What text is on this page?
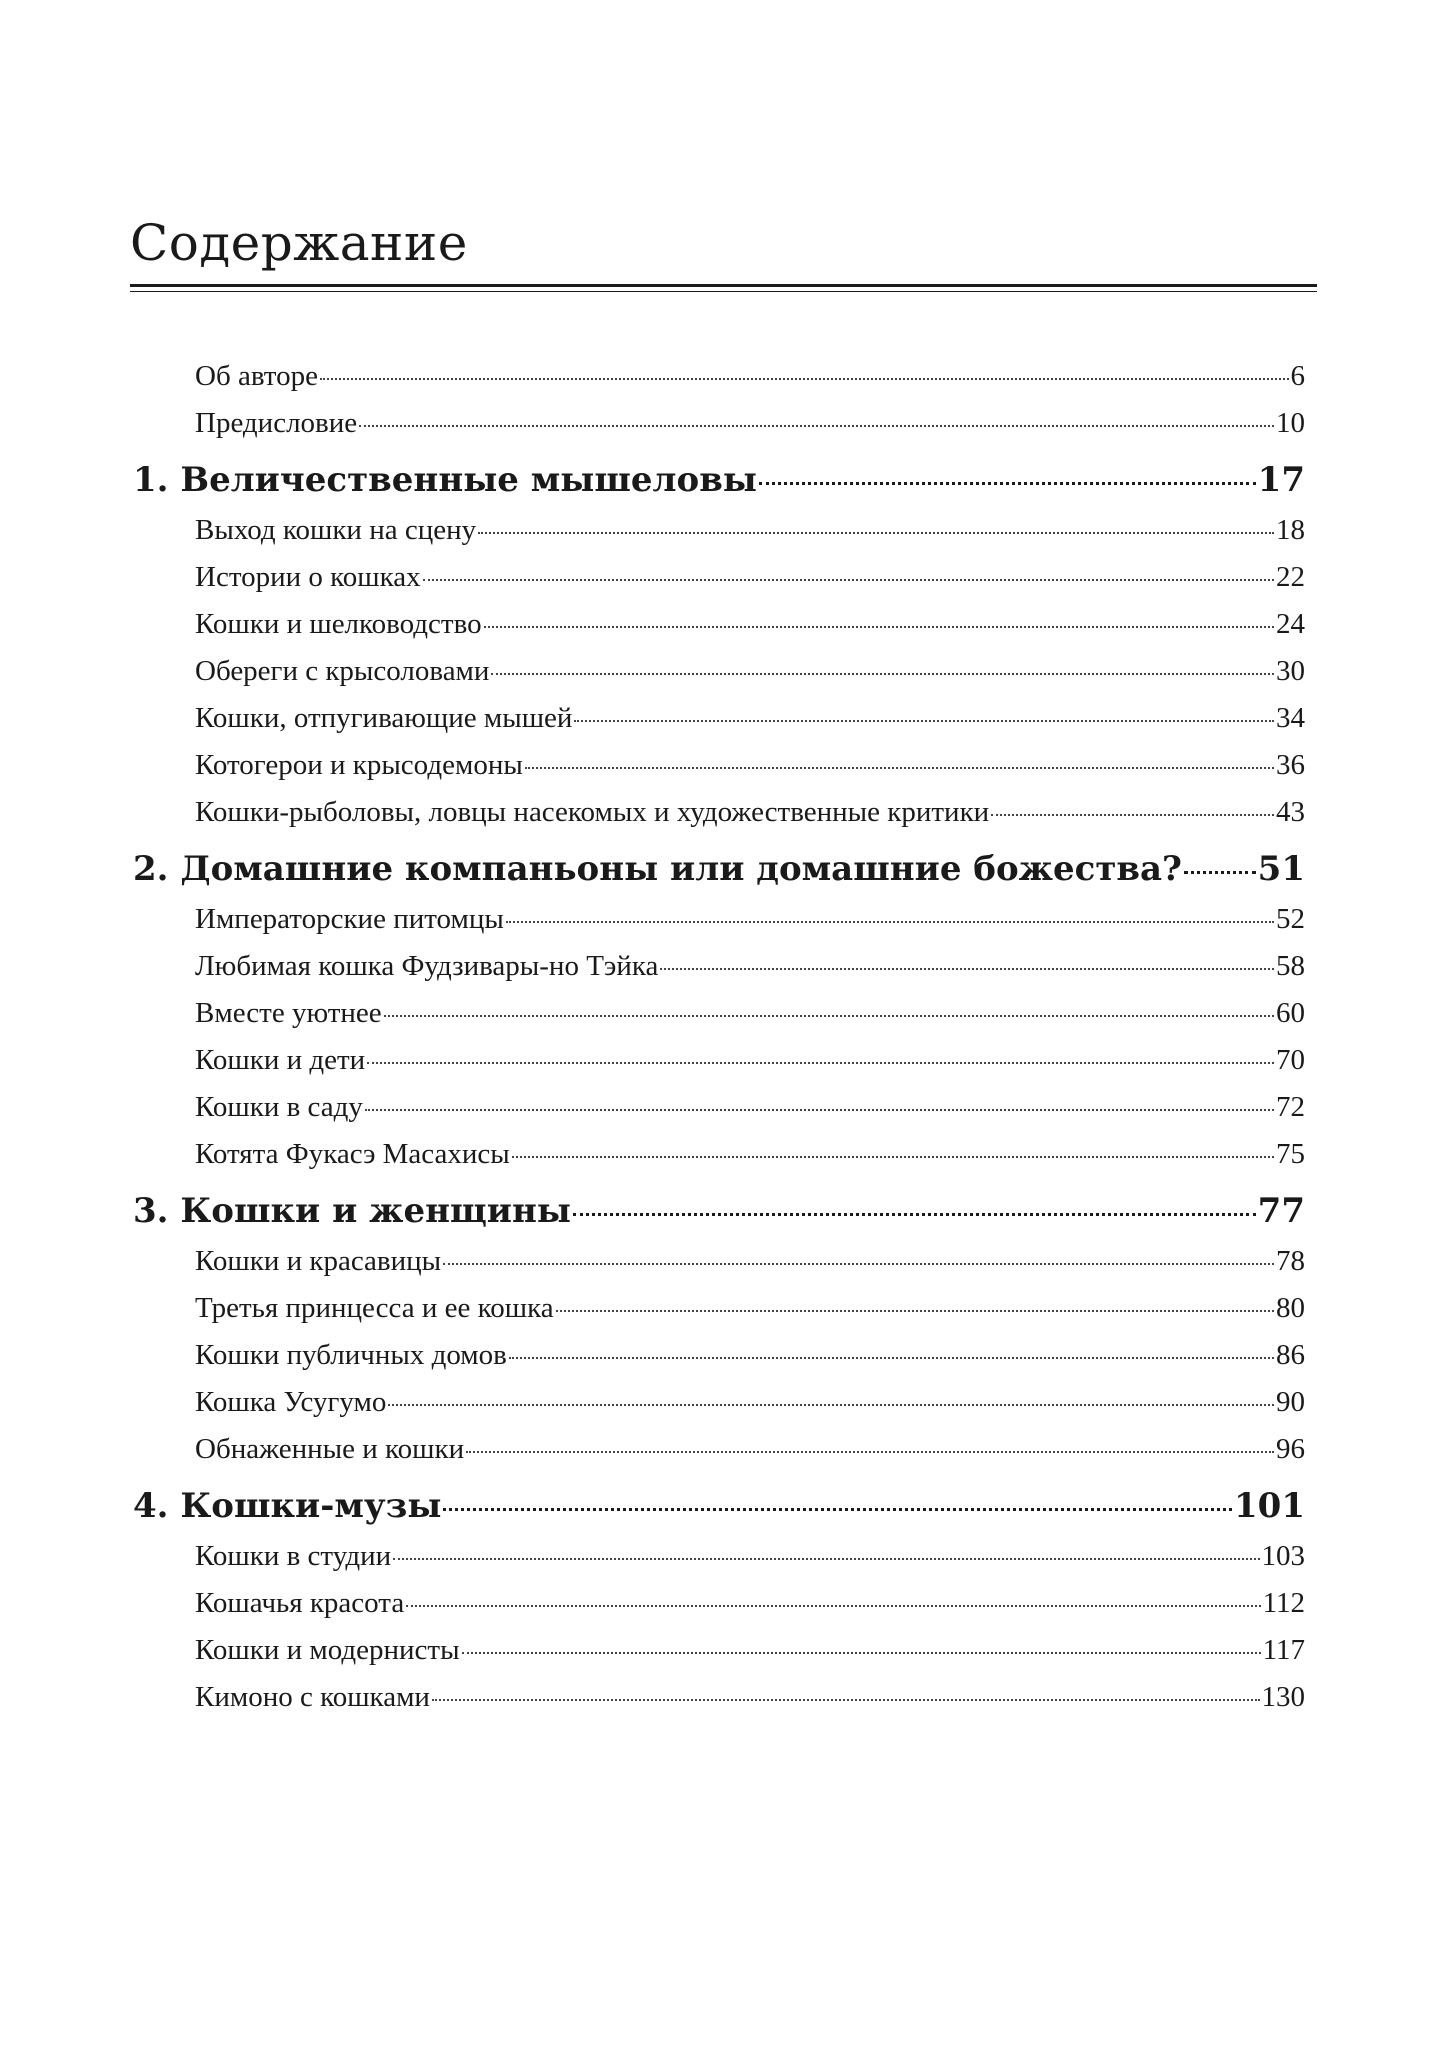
Содержание
Об авторе	6
Предисловие	10
1. Величественные мышеловы	17
Выход кошки на сцену	18
Истории о кошках	22
Кошки и шелководство	24
Обереги с крысоловами	30
Кошки, отпугивающие мышей	34
Котогерои и крысодемоны	36
Кошки-рыболовы, ловцы насекомых и художественные критики	43
2. Домашние компаньоны или домашние божества? 51
Императорские питомцы	52
Любимая кошка Фудзивары-но Тэйка	58
Вместе уютнее	60
Кошки и дети	70
Кошки в саду	72
Котята Фукасэ Масахисы	75
3. Кошки и женщины	77
Кошки и красавицы	78
Третья принцесса и ее кошка	80
Кошки публичных домов	86
Кошка Усугумо	90
Обнаженные и кошки	96
4. Кошки-музы	101
Кошки в студии	103
Кошачья красота	112
Кошки и модернисты	117
Кимоно с кошками	130
